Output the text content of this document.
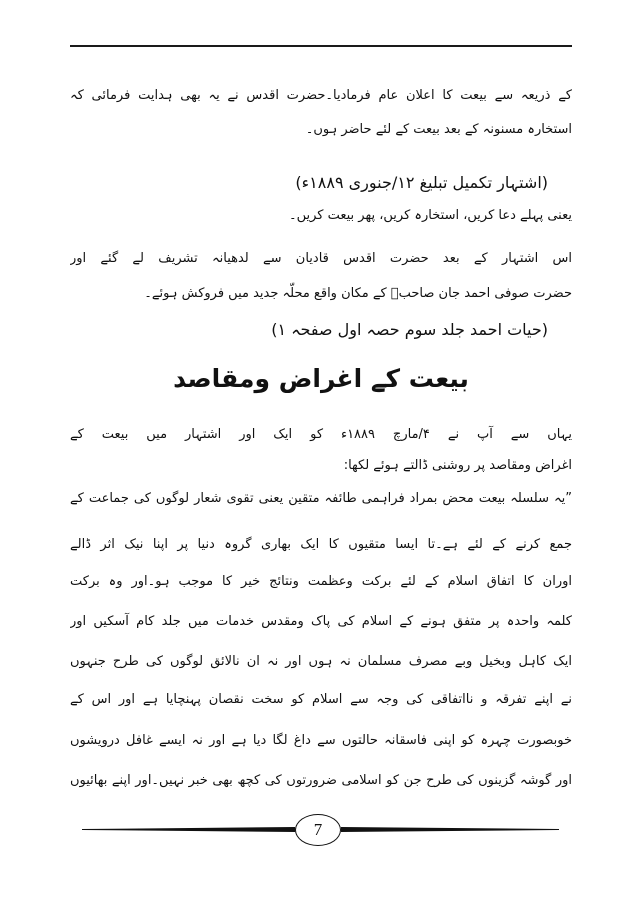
کے ذریعہ سے بیعت کا اعلان عام فرمادیا۔حضرت اقدس نے یہ بھی ہدایت فرمائی کہ
استخارہ مسنونہ کے بعد بیعت کے لئے حاضر ہوں۔
(اشتہار تکمیل تبلیغ ۱۲/جنوری ۱۸۸۹ء)
یعنی پہلے دعا کریں، استخارہ کریں، پھر بیعت کریں۔
اس اشتہار کے بعد حضرت اقدس قادیان سے لدھیانہ تشریف لے گئے اور
حضرت صوفی احمد جان صاحبؓ کے مکان واقع محلّہ جدید میں فروکش ہوئے۔
(حیات احمد جلد سوم حصہ اول صفحہ ۱)
بیعت کے اغراض ومقاصد
یہاں سے آپ نے ۴/مارچ ۱۸۸۹ء کو ایک اور اشتہار میں بیعت کے
اغراض ومقاصد پر روشنی ڈالتے ہوئے لکھا:
”یہ سلسلہ بیعت محض بمراد فراہمی طائفہ متقین یعنی تقوی شعار لوگوں کی جماعت کے
جمع کرنے کے لئے ہے۔تا ایسا متقیوں کا ایک بھاری گروہ دنیا پر اپنا نیک اثر ڈالے
اوران کا اتفاق اسلام کے لئے برکت وعظمت ونتائج خیر کا موجب ہو۔اور وہ برکت
کلمہ واحدہ پر متفق ہونے کے اسلام کی پاک ومقدس خدمات میں جلد کام آسکیں اور
ایک کاہل وبخیل وبے مصرف مسلمان نہ ہوں اور نہ ان نالائق لوگوں کی طرح جنہوں
نے اپنے تفرقہ و نااتفاقی کی وجہ سے اسلام کو سخت نقصان پہنچایا ہے اور اس کے
خوبصورت چہرہ کو اپنی فاسقانہ حالتوں سے داغ لگا دیا ہے اور نہ ایسے غافل درویشوں
اور گوشہ گزینوں کی طرح جن کو اسلامی ضرورتوں کی کچھ بھی خبر نہیں۔اور اپنے بھائیوں
7
